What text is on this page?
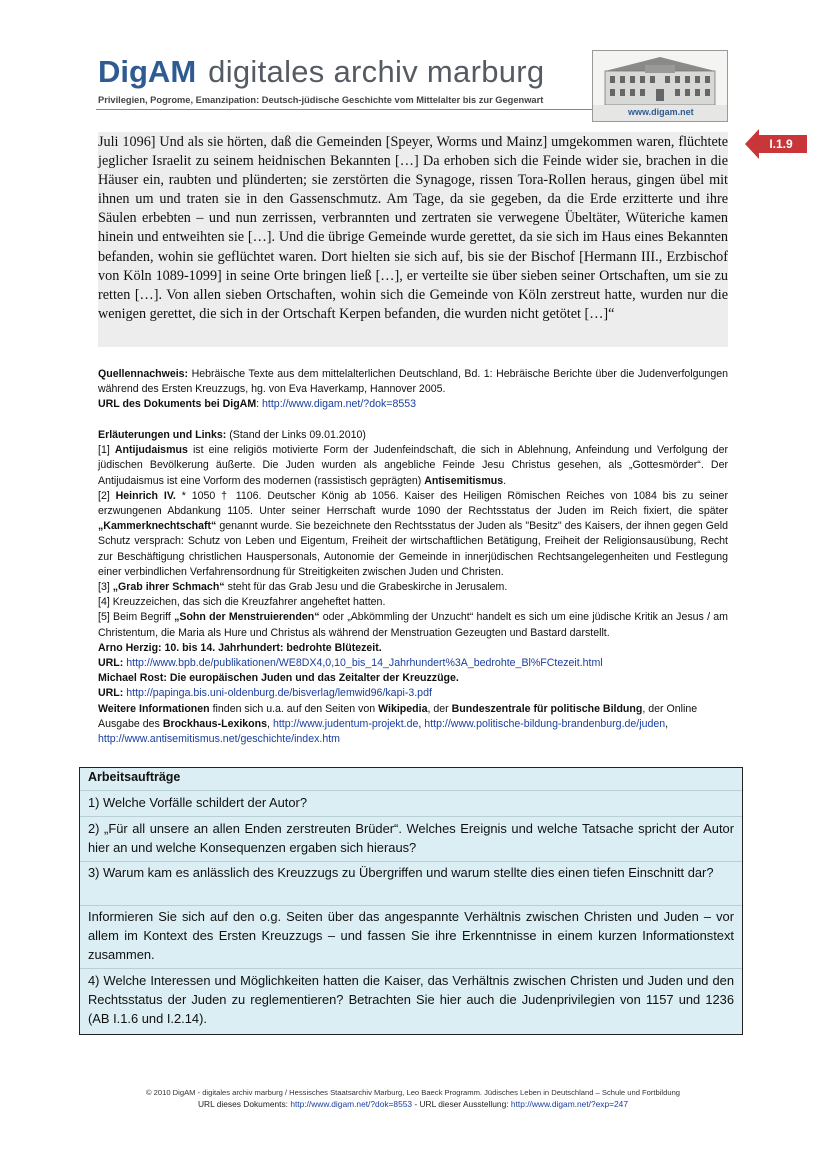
DigAM digitales archiv marburg
Privilegien, Pogrome, Emanzipation: Deutsch-jüdische Geschichte vom Mittelalter bis zur Gegenwart
www.digam.net
I.1.9

Juli 1096] Und als sie hörten, daß die Gemeinden [Speyer, Worms und Mainz] umgekommen waren, flüchtete jeglicher Israelit zu seinem heidnischen Bekannten […] Da erhoben sich die Feinde wider sie, brachen in die Häuser ein, raubten und plünderten; sie zerstörten die Synagoge, rissen Tora-Rollen heraus, gingen übel mit ihnen um und traten sie in den Gassenschmutz. Am Tage, da sie gegeben, da die Erde erzitterte und ihre Säulen erbebten – und nun zerrissen, verbrannten und zertraten sie verwegene Übeltäter, Wüteriche kamen hinein und entweihten sie […]. Und die übrige Gemeinde wurde gerettet, da sie sich im Haus eines Bekannten befanden, wohin sie geflüchtet waren. Dort hielten sie sich auf, bis sie der Bischof [Hermann III., Erzbischof von Köln 1089-1099] in seine Orte bringen ließ […], er verteilte sie über sieben seiner Ortschaften, um sie zu retten […]. Von allen sieben Ortschaften, wohin sich die Gemeinde von Köln zerstreut hatte, wurden nur die wenigen gerettet, die sich in der Ortschaft Kerpen befanden, die wurden nicht getötet […]“

Quellennachweis: Hebräische Texte aus dem mittelalterlichen Deutschland, Bd. 1: Hebräische Berichte über die Judenverfolgungen während des Ersten Kreuzzugs, hg. von Eva Haverkamp, Hannover 2005.
URL des Dokuments bei DigAM: http://www.digam.net/?dok=8553

Erläuterungen und Links: (Stand der Links 09.01.2010)

[1] Antijudaismus ist eine religiös motivierte Form der Judenfeindschaft, die sich in Ablehnung, Anfeindung und Verfolgung der jüdischen Bevölkerung äußerte. Die Juden wurden als angebliche Feinde Jesu Christus gesehen, als „Gottesmörder“. Der Antijudaismus ist eine Vorform des modernen (rassistisch geprägten) Antisemitismus.

[2] Heinrich IV. * 1050 † 1106. Deutscher König ab 1056. Kaiser des Heiligen Römischen Reiches von 1084 bis zu seiner erzwungenen Abdankung 1105. Unter seiner Herrschaft wurde 1090 der Rechtsstatus der Juden im Reich fixiert, die später „Kammerknechtschaft“ genannt wurde. Sie bezeichnete den Rechtsstatus der Juden als "Besitz" des Kaisers, der ihnen gegen Geld Schutz versprach: Schutz von Leben und Eigentum, Freiheit der wirtschaftlichen Betätigung, Freiheit der Religionsausübung, Recht zur Beschäftigung christlichen Hauspersonals, Autonomie der Gemeinde in innerjüdischen Rechtsangelegenheiten und Festlegung einer verbindlichen Verfahrensordnung für Streitigkeiten zwischen Juden und Christen.

[3] „Grab ihrer Schmach“ steht für das Grab Jesu und die Grabeskirche in Jerusalem.

[4] Kreuzzeichen, das sich die Kreuzfahrer angeheftet hatten.

[5] Beim Begriff „Sohn der Menstruierenden“ oder „Abkömmling der Unzucht“ handelt es sich um eine jüdische Kritik an Jesus / am Christentum, die Maria als Hure und Christus als während der Menstruation Gezeugten und Bastard darstellt.

Arno Herzig: 10. bis 14. Jahrhundert: bedrohte Blütezeit.

URL: http://www.bpb.de/publikationen/WE8DX4,0,10_bis_14_Jahrhundert%3A_bedrohte_Bl%FCtezeit.html

Michael Rost: Die europäischen Juden und das Zeitalter der Kreuzzüge.

URL: http://papinga.bis.uni-oldenburg.de/bisverlag/lemwid96/kapi-3.pdf

Weitere Informationen finden sich u.a. auf den Seiten von Wikipedia, der Bundeszentrale für politische Bildung, der Online Ausgabe des Brockhaus-Lexikons, http://www.judentum-projekt.de, http://www.politische-bildung-brandenburg.de/juden, http://www.antisemitismus.net/geschichte/index.htm

Arbeitsaufträge
1) Welche Vorfälle schildert der Autor?
2) „Für all unsere an allen Enden zerstreuten Brüder“. Welches Ereignis und welche Tatsache spricht der Autor hier an und welche Konsequenzen ergaben sich hieraus?
3) Warum kam es anlässlich des Kreuzzugs zu Übergriffen und warum stellte dies einen tiefen Einschnitt dar?
Informieren Sie sich auf den o.g. Seiten über das angespannte Verhältnis zwischen Christen und Juden – vor allem im Kontext des Ersten Kreuzzugs – und fassen Sie ihre Erkenntnisse in einem kurzen Informationstext zusammen.
4) Welche Interessen und Möglichkeiten hatten die Kaiser, das Verhältnis zwischen Christen und Juden und den Rechtsstatus der Juden zu reglementieren? Betrachten Sie hier auch die Judenprivilegien von 1157 und 1236 (AB I.1.6 und I.2.14).
© 2010 DigAM - digitales archiv marburg / Hessisches Staatsarchiv Marburg, Leo Baeck Programm. Jüdisches Leben in Deutschland – Schule und Fortbildung
URL dieses Dokuments: http://www.digam.net/?dok=8553 - URL dieser Ausstellung: http://www.digam.net/?exp=247
